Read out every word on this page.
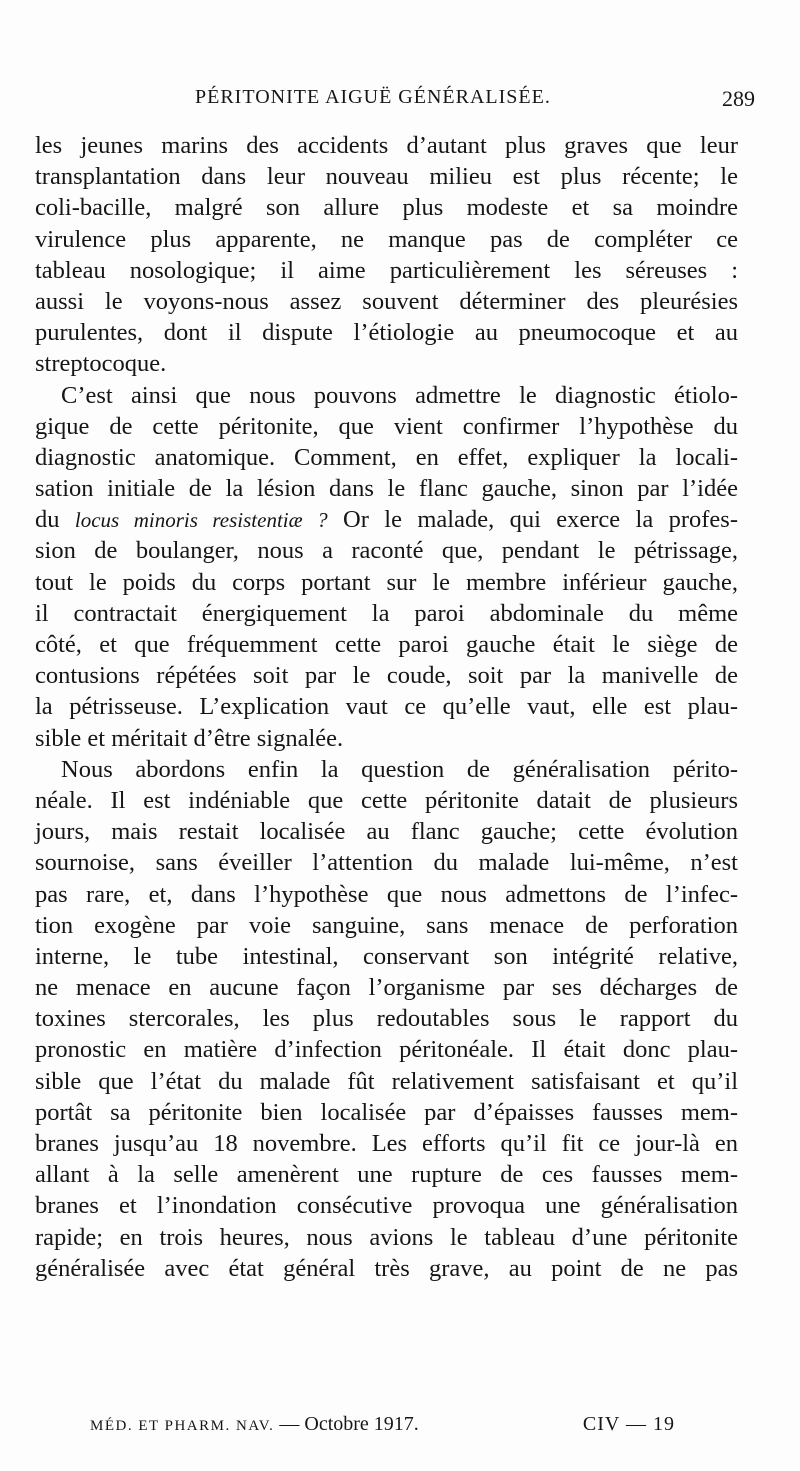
PÉRITONITE AIGUË GÉNÉRALISÉE.	289
les jeunes marins des accidents d’autant plus graves que leur
transplantation dans leur nouveau milieu est plus récente; le
coli-bacille, malgré son allure plus modeste et sa moindre
virulence plus apparente, ne manque pas de compléter ce
tableau nosologique; il aime particulièrement les séreuses :
aussi le voyons-nous assez souvent déterminer des pleurésies
purulentes, dont il dispute l’étiologie au pneumocoque et au
streptocoque.
C’est ainsi que nous pouvons admettre le diagnostic étiolo-
gique de cette péritonite, que vient confirmer l’hypothèse du
diagnostic anatomique. Comment, en effet, expliquer la locali-
sation initiale de la lésion dans le flanc gauche, sinon par l’idée
du locus minoris resistentiæ ? Or le malade, qui exerce la profes-
sion de boulanger, nous a raconté que, pendant le pétrissage,
tout le poids du corps portant sur le membre inférieur gauche,
il contractait énergiquement la paroi abdominale du même
côté, et que fréquemment cette paroi gauche était le siège de
contusions répétées soit par le coude, soit par la manivelle de
la pétrisseuse. L’explication vaut ce qu’elle vaut, elle est plau-
sible et méritait d’être signalée.
Nous abordons enfin la question de généralisation périto-
néale. Il est indéniable que cette péritonite datait de plusieurs
jours, mais restait localisée au flanc gauche; cette évolution
sournoise, sans éveiller l’attention du malade lui-même, n’est
pas rare, et, dans l’hypothèse que nous admettons de l’infec-
tion exogène par voie sanguine, sans menace de perforation
interne, le tube intestinal, conservant son intégrité relative,
ne menace en aucune façon l’organisme par ses décharges de
toxines stercorales, les plus redoutables sous le rapport du
pronostic en matière d’infection péritonéale. Il était donc plau-
sible que l’état du malade fût relativement satisfaisant et qu’il
portât sa péritonite bien localisée par d’épaisses fausses mem-
branes jusqu’au 18 novembre. Les efforts qu’il fit ce jour-là en
allant à la selle amenèrent une rupture de ces fausses mem-
branes et l’inondation consécutive provoqua une généralisation
rapide; en trois heures, nous avions le tableau d’une péritonite
généralisée avec état général très grave, au point de ne pas
MÉD. ET PHARM. NAV. — Octobre 1917.	CIV — 19
